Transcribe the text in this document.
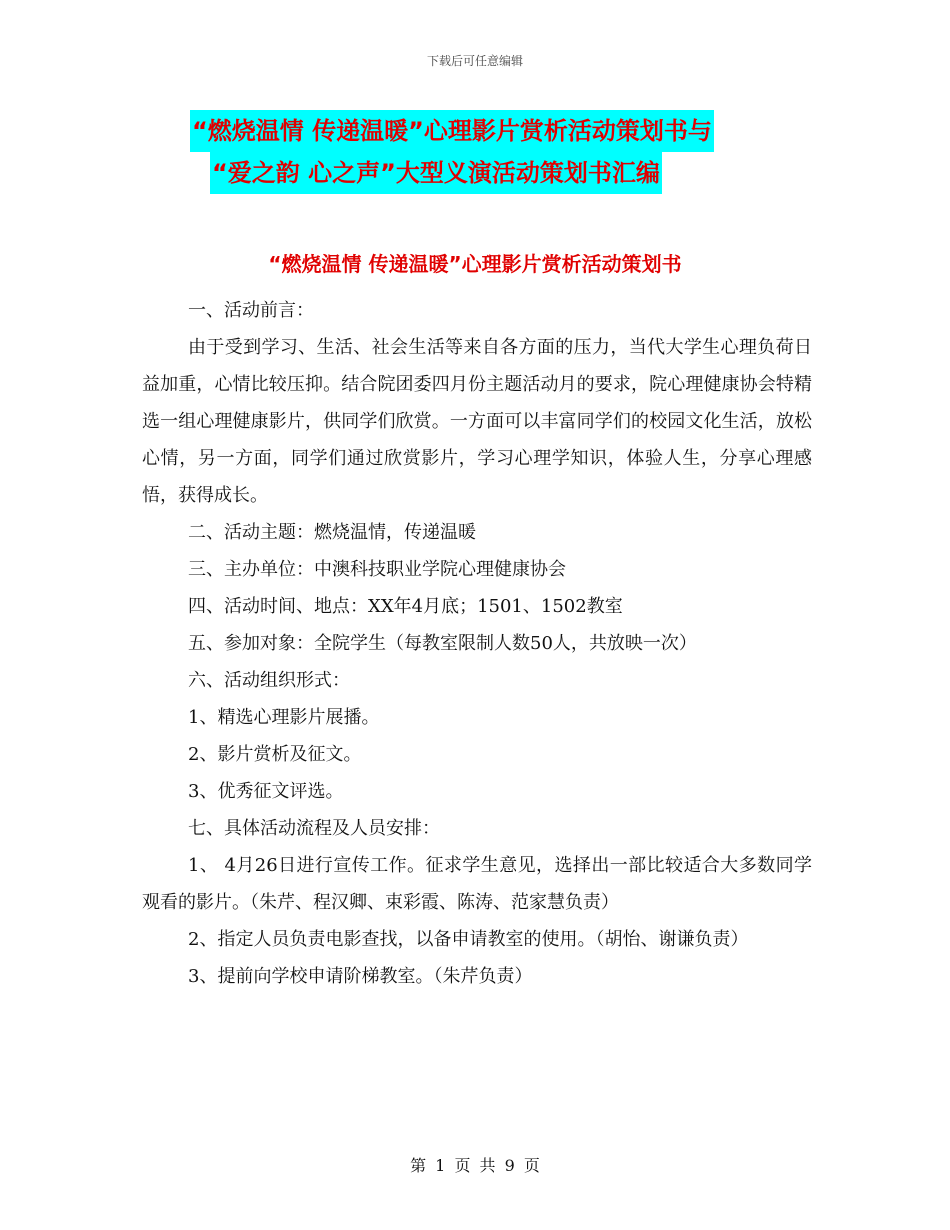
下载后可任意编辑
“燃烧温情 传递温暖”心理影片赏析活动策划书与
“爱之韵 心之声”大型义演活动策划书汇编
“燃烧温情 传递温暖”心理影片赏析活动策划书

一、活动前言：

由于受到学习、生活、社会生活等来自各方面的压力，当代大学生心理负荷日益加重，心情比较压抑。结合院团委四月份主题活动月的要求，院心理健康协会特精选一组心理健康影片，供同学们欣赏。一方面可以丰富同学们的校园文化生活，放松心情，另一方面，同学们通过欣赏影片，学习心理学知识，体验人生，分享心理感悟，获得成长。

二、活动主题：燃烧温情，传递温暖

三、主办单位：中澳科技职业学院心理健康协会

四、活动时间、地点：XX年4月底；1501、1502教室

五、参加对象：全院学生（每教室限制人数50人，共放映一次）

六、活动组织形式：

1、精选心理影片展播。

2、影片赏析及征文。

3、优秀征文评选。

七、具体活动流程及人员安排：

1、 4月26日进行宣传工作。征求学生意见，选择出一部比较适合大多数同学观看的影片。（朱芹、程汉卿、束彩霞、陈涛、范家慧负责）

2、指定人员负责电影查找，以备申请教室的使用。（胡怡、谢谦负责）

3、提前向学校申请阶梯教室。（朱芹负责）

第 1 页 共 9 页
